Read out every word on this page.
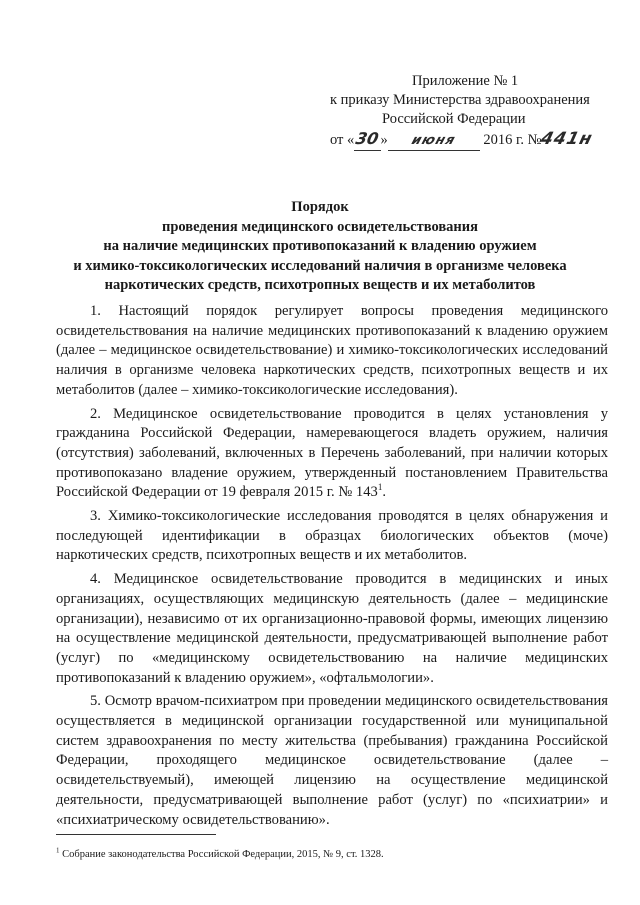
Приложение № 1
к приказу Министерства здравоохранения
Российской Федерации
от «30» июня 2016 г. №441н
Порядок
проведения медицинского освидетельствования
на наличие медицинских противопоказаний к владению оружием
и химико-токсикологических исследований наличия в организме человека
наркотических средств, психотропных веществ и их метаболитов

1. Настоящий порядок регулирует вопросы проведения медицинского освидетельствования на наличие медицинских противопоказаний к владению оружием (далее – медицинское освидетельствование) и химико-токсикологических исследований наличия в организме человека наркотических средств, психотропных веществ и их метаболитов (далее – химико-токсикологические исследования).

2. Медицинское освидетельствование проводится в целях установления у гражданина Российской Федерации, намеревающегося владеть оружием, наличия (отсутствия) заболеваний, включенных в Перечень заболеваний, при наличии которых противопоказано владение оружием, утвержденный постановлением Правительства Российской Федерации от 19 февраля 2015 г. № $143^1$.

3. Химико-токсикологические исследования проводятся в целях обнаружения и последующей идентификации в образцах биологических объектов (моче) наркотических средств, психотропных веществ и их метаболитов.

4. Медицинское освидетельствование проводится в медицинских и иных организациях, осуществляющих медицинскую деятельность (далее – медицинские организации), независимо от их организационно-правовой формы, имеющих лицензию на осуществление медицинской деятельности, предусматривающей выполнение работ (услуг) по «медицинскому освидетельствованию на наличие медицинских противопоказаний к владению оружием», «офтальмологии».

5. Осмотр врачом-психиатром при проведении медицинского освидетельствования осуществляется в медицинской организации государственной или муниципальной систем здравоохранения по месту жительства (пребывания) гражданина Российской Федерации, проходящего медицинское освидетельствование (далее – освидетельствуемый), имеющей лицензию на осуществление медицинской деятельности, предусматривающей выполнение работ (услуг) по «психиатрии» и «психиатрическому освидетельствованию».

$^1$ Собрание законодательства Российской Федерации, 2015, № 9, ст. 1328.
